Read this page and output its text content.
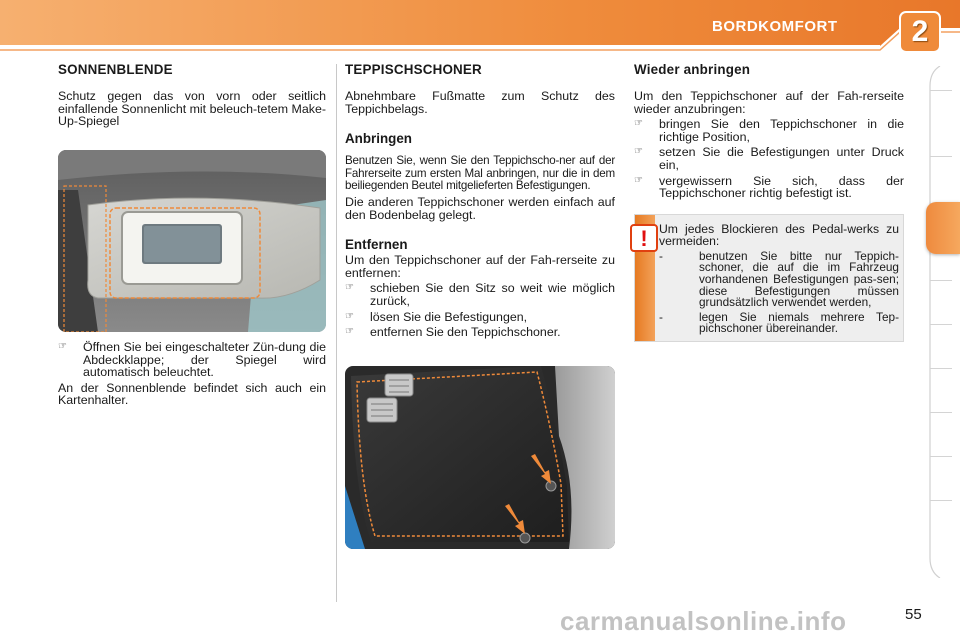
BORDKOMFORT	2
SONNENBLENDE

Schutz gegen das von vorn oder seitlich einfallende Sonnenlicht mit beleuch-tetem Make-Up-Spiegel

☞ Öffnen Sie bei eingeschalteter Zün-dung die Abdeckklappe; der Spiegel wird automatisch beleuchtet.

An der Sonnenblende befindet sich auch ein Kartenhalter.

TEPPISCHSCHONER

Abnehmbare Fußmatte zum Schutz des Teppichbelags.

Anbringen

Benutzen Sie, wenn Sie den Teppichscho-ner auf der Fahrerseite zum ersten Mal anbringen, nur die in dem beiliegenden Beutel mitgelieferten Befestigungen.

Die anderen Teppichschoner werden einfach auf den Bodenbelag gelegt.

Entfernen

Um den Teppichschoner auf der Fah-rerseite zu entfernen:

☞ schieben Sie den Sitz so weit wie möglich zurück,
☞ lösen Sie die Befestigungen,
☞ entfernen Sie den Teppichschoner.
Wieder anbringen

Um den Teppichschoner auf der Fah-rerseite wieder anzubringen:

☞ bringen Sie den Teppichschoner in die richtige Position,
☞ setzen Sie die Befestigungen unter Druck ein,
☞ vergewissern Sie sich, dass der Teppichschoner richtig befestigt ist.
! Um jedes Blockieren des Pedal-werks zu vermeiden:

-	benutzen Sie bitte nur Teppich-schoner, die auf die im Fahrzeug vorhandenen Befestigungen pas-sen; diese Befestigungen müssen grundsätzlich verwendet werden,
-	legen Sie niemals mehrere Tep-pichschoner übereinander.
carmanualsonline.info	55
